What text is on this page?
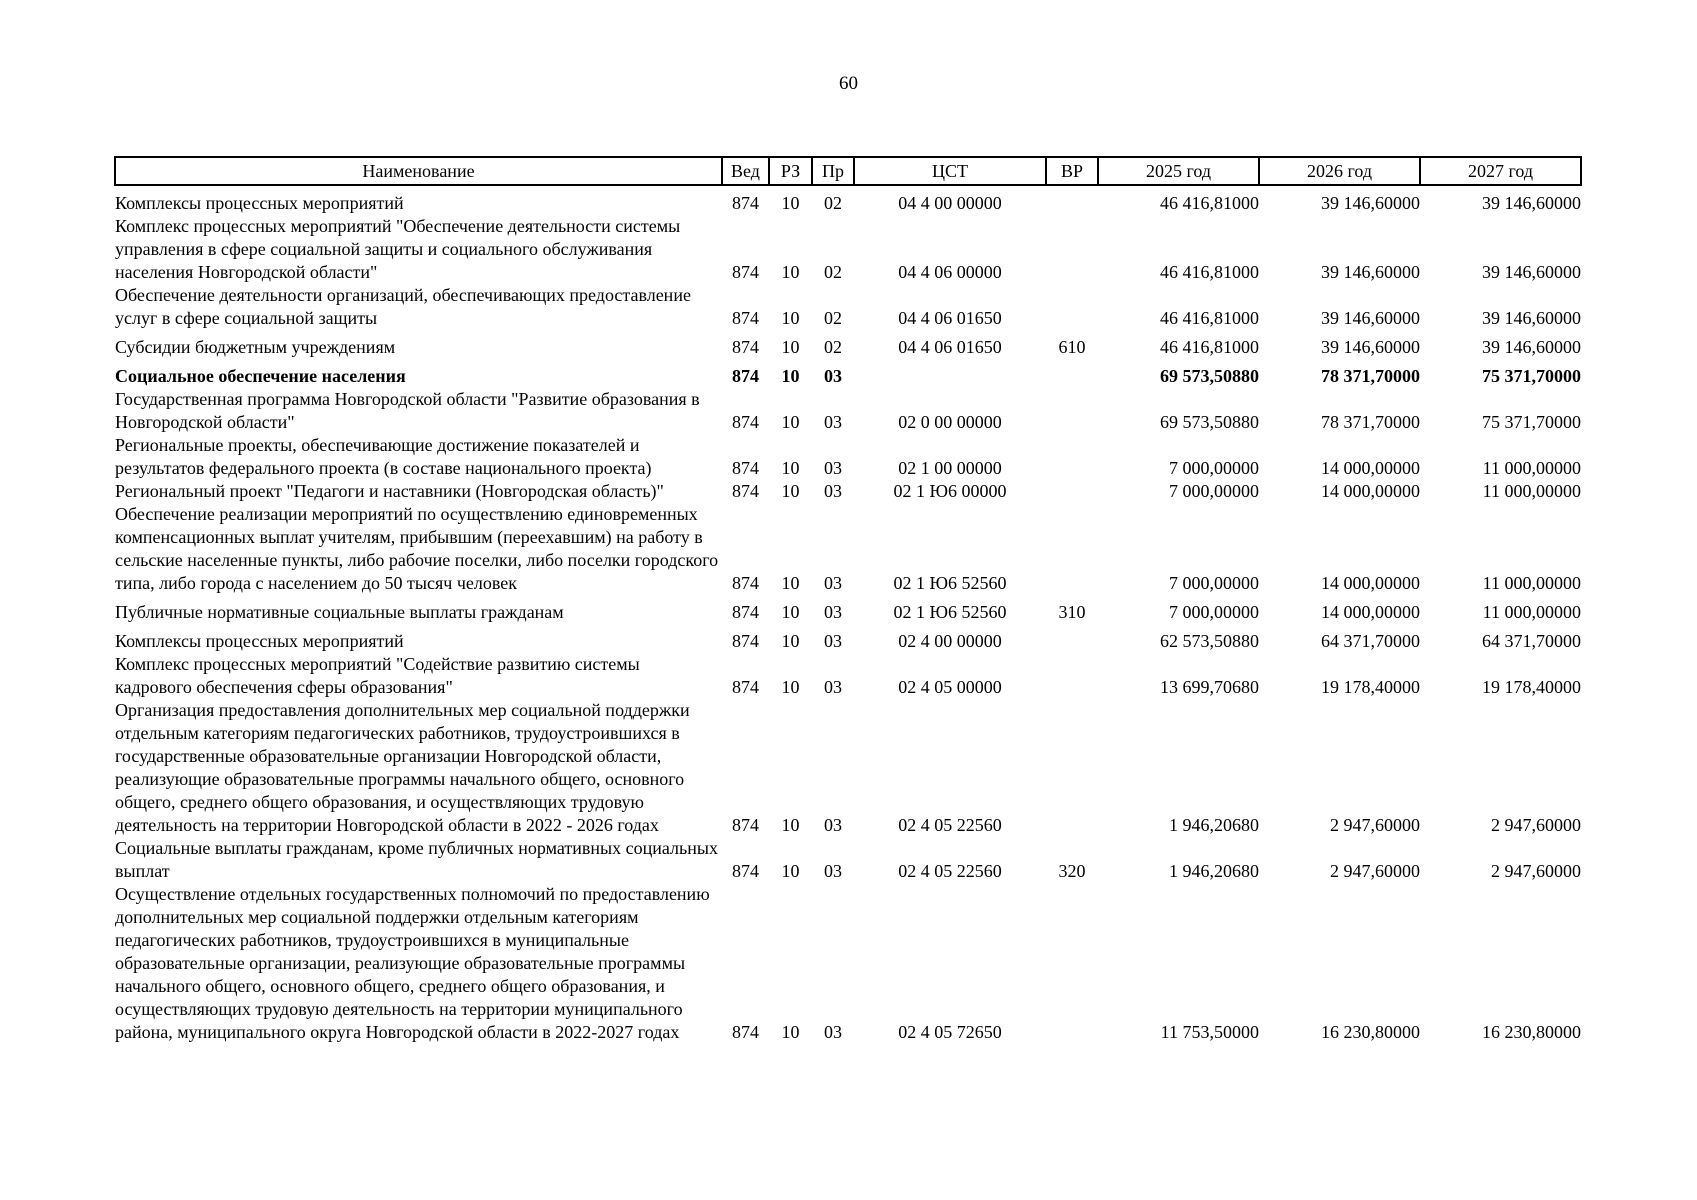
60
Наименование	Вед	РЗ	Пр	ЦСТ	ВР	2025 год	2026 год	2027 год
Комплексы процессных мероприятий	874	10	02	04 4 00 00000		46 416,81000	39 146,60000	39 146,60000
Комплекс процессных мероприятий "Обеспечение деятельности системы управления в сфере социальной защиты и социального обслуживания населения Новгородской области"	874	10	02	04 4 06 00000		46 416,81000	39 146,60000	39 146,60000
Обеспечение деятельности организаций, обеспечивающих предоставление услуг в сфере социальной защиты	874	10	02	04 4 06 01650		46 416,81000	39 146,60000	39 146,60000
Субсидии бюджетным учреждениям	874	10	02	04 4 06 01650	610	46 416,81000	39 146,60000	39 146,60000
Социальное обеспечение населения	874	10	03			69 573,50880	78 371,70000	75 371,70000
Государственная программа Новгородской области "Развитие образования в Новгородской области"	874	10	03	02 0 00 00000		69 573,50880	78 371,70000	75 371,70000
Региональные проекты, обеспечивающие достижение показателей и результатов федерального проекта (в составе национального проекта)	874	10	03	02 1 00 00000		7 000,00000	14 000,00000	11 000,00000
Региональный проект "Педагоги и наставники (Новгородская область)"	874	10	03	02 1 Ю6 00000		7 000,00000	14 000,00000	11 000,00000
Обеспечение реализации мероприятий по осуществлению единовременных компенсационных выплат учителям, прибывшим (переехавшим) на работу в сельские населенные пункты, либо рабочие поселки, либо поселки городского типа, либо города с населением до 50 тысяч человек	874	10	03	02 1 Ю6 52560		7 000,00000	14 000,00000	11 000,00000
Публичные нормативные социальные выплаты гражданам	874	10	03	02 1 Ю6 52560	310	7 000,00000	14 000,00000	11 000,00000
Комплексы процессных мероприятий	874	10	03	02 4 00 00000		62 573,50880	64 371,70000	64 371,70000
Комплекс процессных мероприятий "Содействие развитию системы кадрового обеспечения сферы образования"	874	10	03	02 4 05 00000		13 699,70680	19 178,40000	19 178,40000
Организация предоставления дополнительных мер социальной поддержки отдельным категориям педагогических работников, трудоустроившихся в государственные образовательные организации Новгородской области, реализующие образовательные программы начального общего, основного общего, среднего общего образования, и осуществляющих трудовую деятельность на территории Новгородской области в 2022 - 2026 годах	874	10	03	02 4 05 22560		1 946,20680	2 947,60000	2 947,60000
Социальные выплаты гражданам, кроме публичных нормативных социальных выплат	874	10	03	02 4 05 22560	320	1 946,20680	2 947,60000	2 947,60000
Осуществление отдельных государственных полномочий по предоставлению дополнительных мер социальной поддержки отдельным категориям педагогических работников, трудоустроившихся в муниципальные образовательные организации, реализующие образовательные программы начального общего, основного общего, среднего общего образования, и осуществляющих трудовую деятельность на территории муниципального района, муниципального округа Новгородской области в 2022-2027 годах	874	10	03	02 4 05 72650		11 753,50000	16 230,80000	16 230,80000
